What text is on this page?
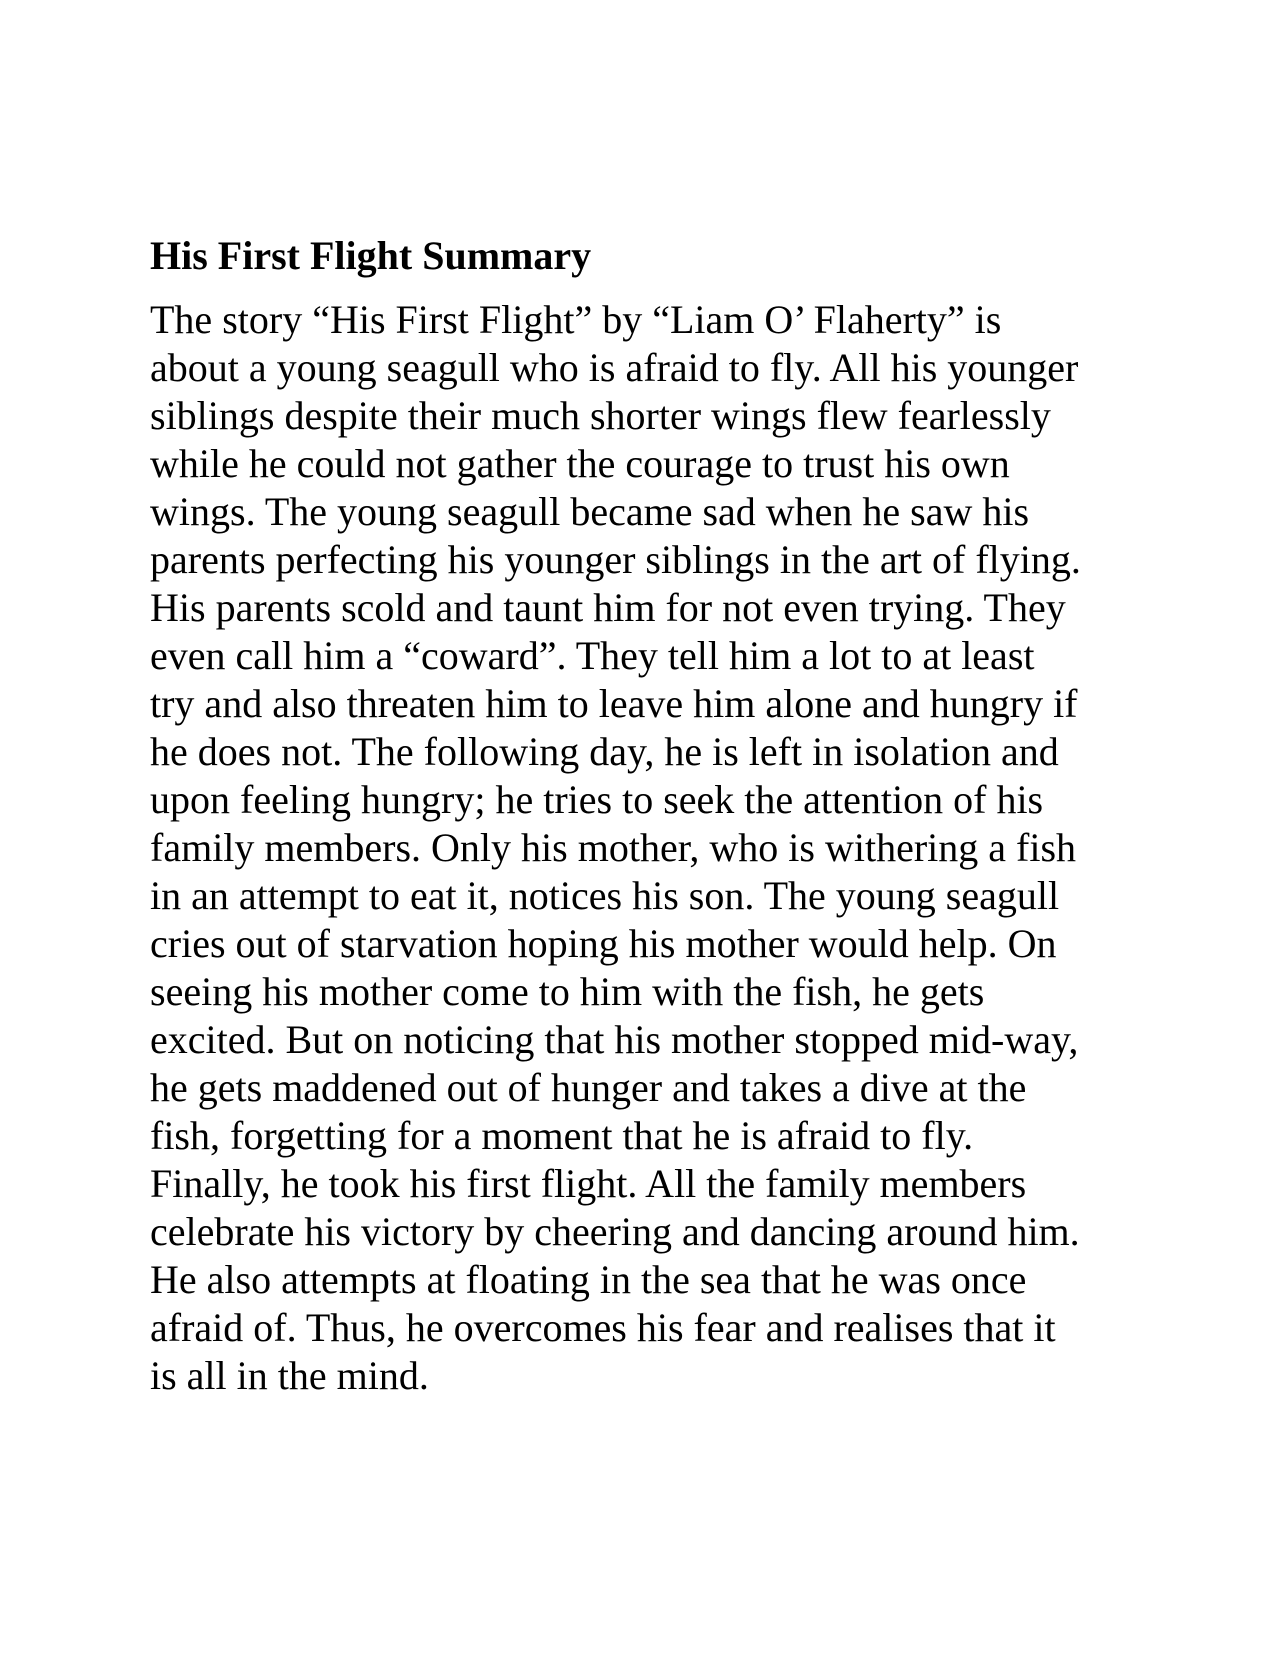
His First Flight Summary

The story “His First Flight” by “Liam O’ Flaherty” is
about a young seagull who is afraid to fly. All his younger
siblings despite their much shorter wings flew fearlessly
while he could not gather the courage to trust his own
wings. The young seagull became sad when he saw his
parents perfecting his younger siblings in the art of flying.
His parents scold and taunt him for not even trying. They
even call him a “coward”. They tell him a lot to at least
try and also threaten him to leave him alone and hungry if
he does not. The following day, he is left in isolation and
upon feeling hungry; he tries to seek the attention of his
family members. Only his mother, who is withering a fish
in an attempt to eat it, notices his son. The young seagull
cries out of starvation hoping his mother would help. On
seeing his mother come to him with the fish, he gets
excited. But on noticing that his mother stopped mid-way,
he gets maddened out of hunger and takes a dive at the
fish, forgetting for a moment that he is afraid to fly.
Finally, he took his first flight. All the family members
celebrate his victory by cheering and dancing around him.
He also attempts at floating in the sea that he was once
afraid of. Thus, he overcomes his fear and realises that it
is all in the mind.
